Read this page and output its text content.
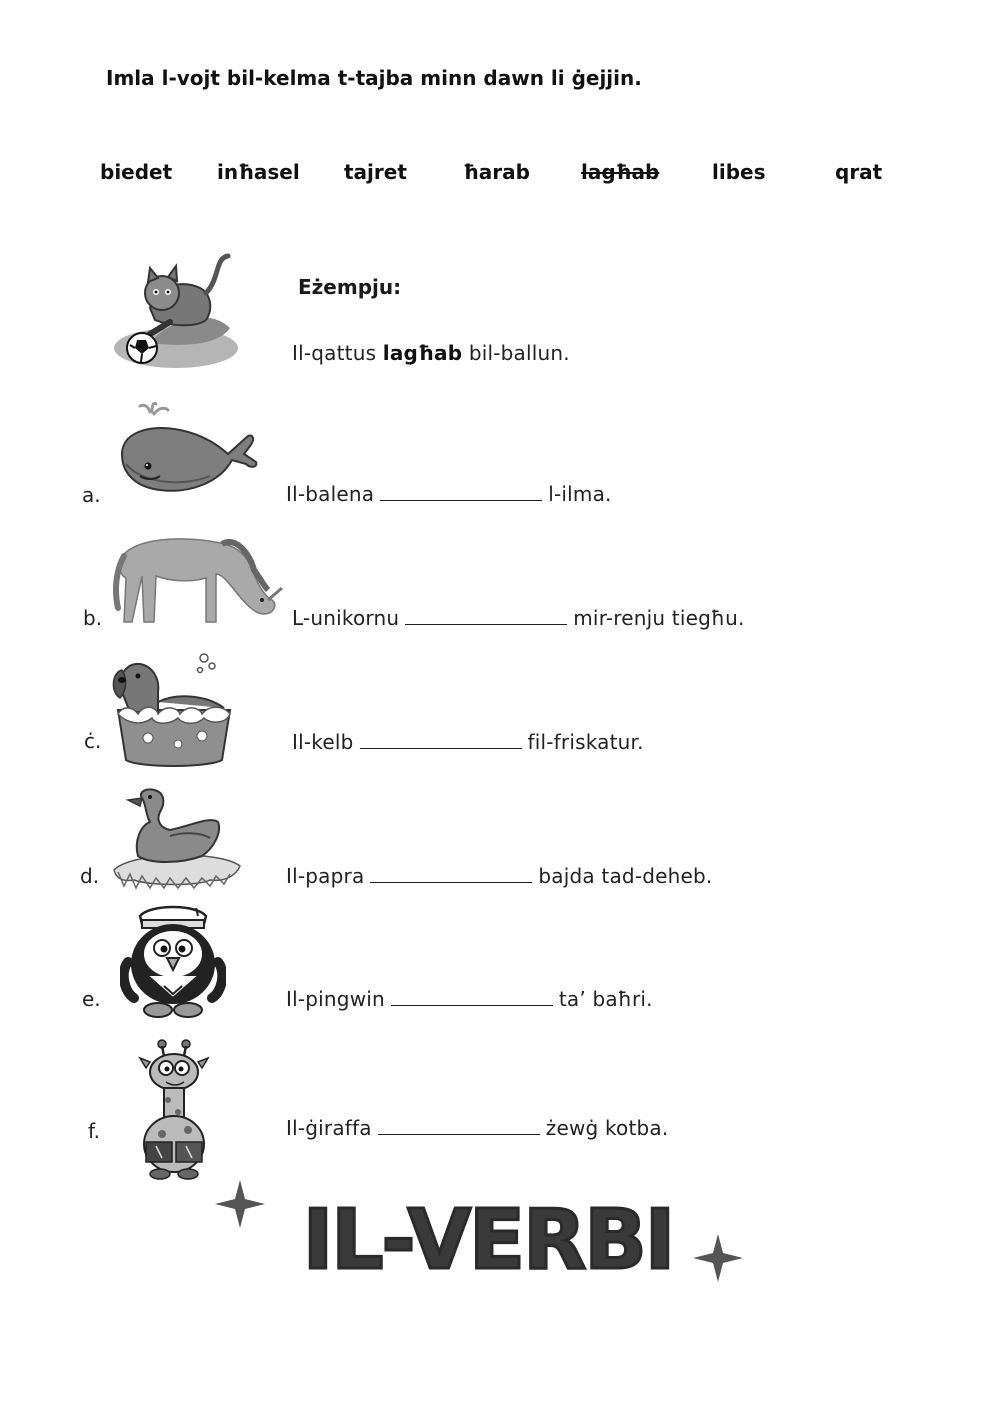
Imla l-vojt bil-kelma t-tajba minn dawn li ġejjin.
biedet inħasel tajret	ħarab	lagħab	libes	qrat
Eżempju:
Il-qattus lagħab bil-ballun.
a.	Il-balena	l-ilma.
b.	L-unikornu	mir-renju tiegħu.
ċ.	Il-kelb	fil-friskatur.
d.	Il-papra	bajda tad-deheb.
e.	Il-pingwin	ta’ baħri.
f.	Il-ġiraffa	żewġ kotba.
IL-VERBI
